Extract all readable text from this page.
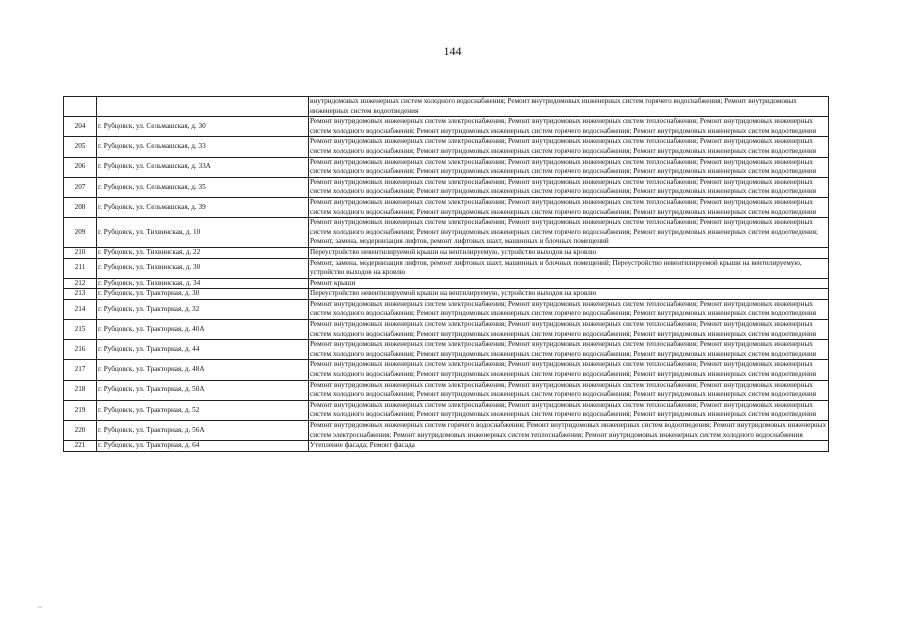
144
		внутридомовых инженерных систем холодного водоснабжения; Ремонт внутридомовых инженерных систем горячего водоснабжения; Ремонт внутридомовых инженерных систем водоотведения
204	г. Рубцовск, ул. Сельмашская, д. 30	Ремонт внутридомовых инженерных систем электроснабжения; Ремонт внутридомовых инженерных систем теплоснабжения; Ремонт внутридомовых инженерных систем холодного водоснабжения; Ремонт внутридомовых инженерных систем горячего водоснабжения; Ремонт внутридомовых инженерных систем водоотведения
205	г. Рубцовск, ул. Сельмашская, д. 33	Ремонт внутридомовых инженерных систем электроснабжения; Ремонт внутридомовых инженерных систем теплоснабжения; Ремонт внутридомовых инженерных систем холодного водоснабжения; Ремонт внутридомовых инженерных систем горячего водоснабжения; Ремонт внутридомовых инженерных систем водоотведения
206	г. Рубцовск, ул. Сельмашская, д. 33А	Ремонт внутридомовых инженерных систем электроснабжения; Ремонт внутридомовых инженерных систем теплоснабжения; Ремонт внутридомовых инженерных систем холодного водоснабжения; Ремонт внутридомовых инженерных систем горячего водоснабжения; Ремонт внутридомовых инженерных систем водоотведения
207	г. Рубцовск, ул. Сельмашская, д. 35	Ремонт внутридомовых инженерных систем электроснабжения; Ремонт внутридомовых инженерных систем теплоснабжения; Ремонт внутридомовых инженерных систем холодного водоснабжения; Ремонт внутридомовых инженерных систем горячего водоснабжения; Ремонт внутридомовых инженерных систем водоотведения
208	г. Рубцовск, ул. Сельмашская, д. 39	Ремонт внутридомовых инженерных систем электроснабжения; Ремонт внутридомовых инженерных систем теплоснабжения; Ремонт внутридомовых инженерных систем холодного водоснабжения; Ремонт внутридомовых инженерных систем горячего водоснабжения; Ремонт внутридомовых инженерных систем водоотведения
209	г. Рубцовск, ул. Тихвинская, д. 10	Ремонт внутридомовых инженерных систем электроснабжения; Ремонт внутридомовых инженерных систем теплоснабжения; Ремонт внутридомовых инженерных систем холодного водоснабжения; Ремонт внутридомовых инженерных систем горячего водоснабжения; Ремонт внутридомовых инженерных систем водоотведения; Ремонт, замена, модернизация лифтов, ремонт лифтовых шахт, машинных и блочных помещений
210	г. Рубцовск, ул. Тихвинская, д. 22	Переустройство невентилируемой крыши на вентилируемую, устройство выходов на кровлю
211	г. Рубцовск, ул. Тихвинская, д. 30	Ремонт, замена, модернизация лифтов, ремонт лифтовых шахт, машинных и блочных помещений; Переустройство невентилируемой крыши на вентилируемую, устройство выходов на кровлю
212	г. Рубцовск, ул. Тихвинская, д. 34	Ремонт крыши
213	г. Рубцовск, ул. Тракторная, д. 30	Переустройство невентилируемой крыши на вентилируемую, устройство выходов на кровлю
214	г. Рубцовск, ул. Тракторная, д. 32	Ремонт внутридомовых инженерных систем электроснабжения; Ремонт внутридомовых инженерных систем теплоснабжения; Ремонт внутридомовых инженерных систем холодного водоснабжения; Ремонт внутридомовых инженерных систем горячего водоснабжения; Ремонт внутридомовых инженерных систем водоотведения
215	г. Рубцовск, ул. Тракторная, д. 40А	Ремонт внутридомовых инженерных систем электроснабжения; Ремонт внутридомовых инженерных систем теплоснабжения; Ремонт внутридомовых инженерных систем холодного водоснабжения; Ремонт внутридомовых инженерных систем горячего водоснабжения; Ремонт внутридомовых инженерных систем водоотведения
216	г. Рубцовск, ул. Тракторная, д. 44	Ремонт внутридомовых инженерных систем электроснабжения; Ремонт внутридомовых инженерных систем теплоснабжения; Ремонт внутридомовых инженерных систем холодного водоснабжения; Ремонт внутридомовых инженерных систем горячего водоснабжения; Ремонт внутридомовых инженерных систем водоотведения
217	г. Рубцовск, ул. Тракторная, д. 48А	Ремонт внутридомовых инженерных систем электроснабжения; Ремонт внутридомовых инженерных систем теплоснабжения; Ремонт внутридомовых инженерных систем холодного водоснабжения; Ремонт внутридомовых инженерных систем горячего водоснабжения; Ремонт внутридомовых инженерных систем водоотведения
218	г. Рубцовск, ул. Тракторная, д. 50А	Ремонт внутридомовых инженерных систем электроснабжения; Ремонт внутридомовых инженерных систем теплоснабжения; Ремонт внутридомовых инженерных систем холодного водоснабжения; Ремонт внутридомовых инженерных систем горячего водоснабжения; Ремонт внутридомовых инженерных систем водоотведения
219	г. Рубцовск, ул. Тракторная, д. 52	Ремонт внутридомовых инженерных систем электроснабжения; Ремонт внутридомовых инженерных систем теплоснабжения; Ремонт внутридомовых инженерных систем холодного водоснабжения; Ремонт внутридомовых инженерных систем горячего водоснабжения; Ремонт внутридомовых инженерных систем водоотведения
220	г. Рубцовск, ул. Тракторная, д. 56А	Ремонт внутридомовых инженерных систем горячего водоснабжения; Ремонт внутридомовых инженерных систем водоотведения; Ремонт внутридомовых инженерных систем электроснабжения; Ремонт внутридомовых инженерных систем теплоснабжения; Ремонт внутридомовых инженерных систем холодного водоснабжения
221	г. Рубцовск, ул. Тракторная, д. 64	Утепление фасада; Ремонт фасада
~
